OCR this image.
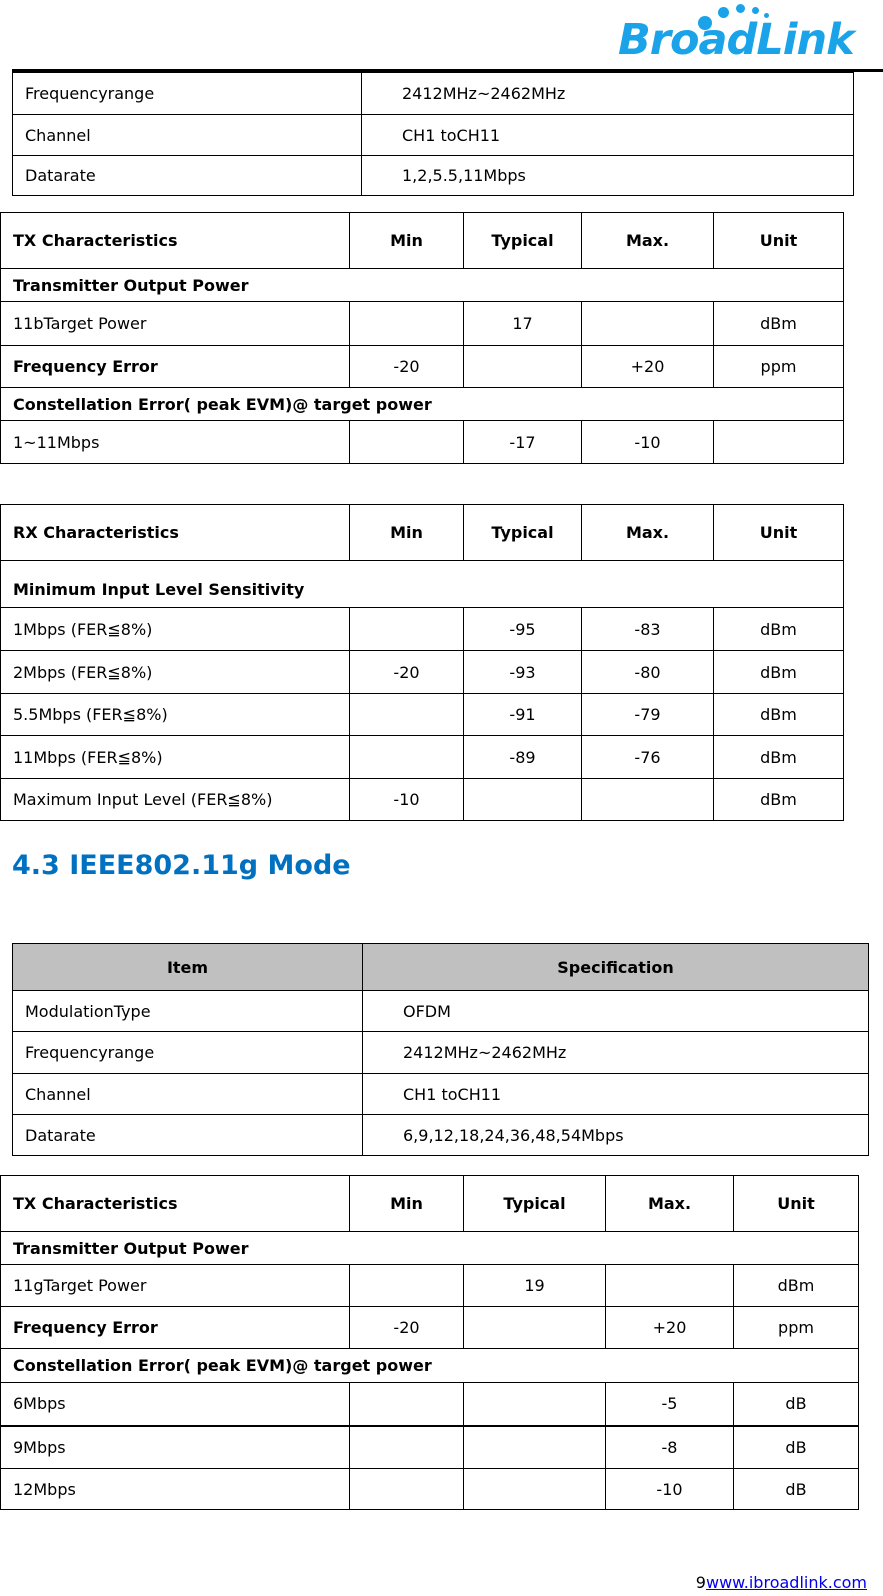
BroadLink
Frequencyrange	2412MHz~2462MHz
Channel	CH1 toCH11
Datarate	1,2,5.5,11Mbps
TX Characteristics	Min	Typical	Max.	Unit
Transmitter Output Power				
11bTarget Power		17		dBm
Frequency Error	-20		+20	ppm
Constellation Error( peak EVM)@ target power				
1~11Mbps		-17	-10	
RX Characteristics	Min	Typical	Max.	Unit
Minimum Input Level Sensitivity				
1Mbps (FER≦8%)		-95	-83	dBm
2Mbps (FER≦8%)	-20	-93	-80	dBm
5.5Mbps (FER≦8%)		-91	-79	dBm
11Mbps (FER≦8%)		-89	-76	dBm
Maximum Input Level (FER≦8%)	-10			dBm
4.3 IEEE802.11g Mode
Item	Specification
ModulationType	OFDM
Frequencyrange	2412MHz~2462MHz
Channel	CH1 toCH11
Datarate	6,9,12,18,24,36,48,54Mbps
TX Characteristics	Min	Typical	Max.	Unit
Transmitter Output Power				
11gTarget Power		19		dBm
Frequency Error	-20		+20	ppm
Constellation Error( peak EVM)@ target power				
6Mbps			-5	dB
9Mbps			-8	dB
12Mbps			-10	dB
9www.ibroadlink.com
